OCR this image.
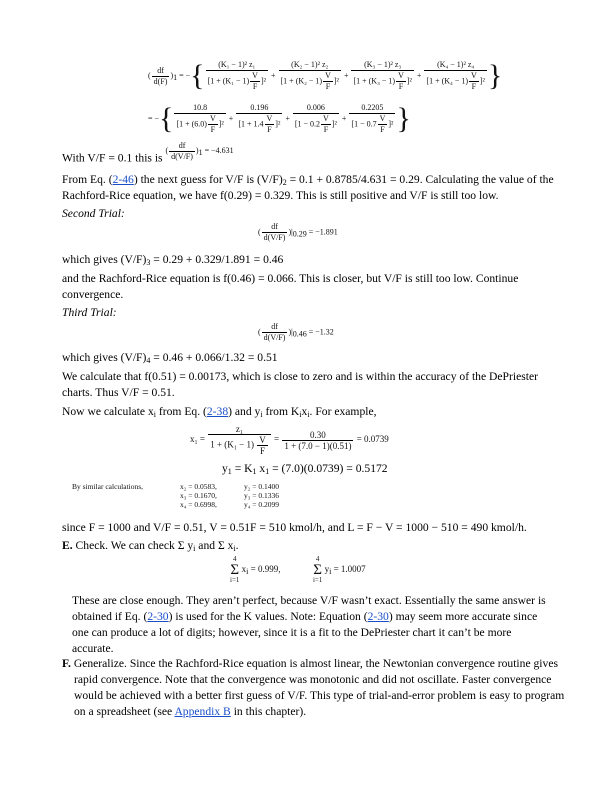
( $\frac{df}{d(F)} )_1$ = −{ $\frac{\text{(K₁ − 1)² z₁}}{[1 + (K_1 - 1) \frac{V}{F} ]^2} + \frac{\text{(K₂ − 1)² z₂}}{[1 + (K_2 - 1) \frac{V}{F} ]^2} + \frac{\text{(K₃ − 1)² z₃}}{[1 + (K_3 - 1) \frac{V}{F} ]^2} + \frac{\text{(K₄ − 1)² z₄}}{[1 + (K_4 - 1) \frac{V}{F} ]^2}$ }
= −{ $\frac{10.8}{[1 + (6.0) \frac{V}{F} ]^2} + \frac{0.196}{[1 + 1.4 \frac{V}{F} ]^2} + \frac{0.006}{[1 - 0.2 \frac{V}{F} ]^2} + \frac{0.2205}{[1 - 0.7 \frac{V}{F} ]^2}$ }
With V/F = 0.1 this is ( $\frac{df}{d(V/F)} )_1 = -4.631$
From Eq. (2-46) the next guess for V/F is $(V/F)_2 = 0.1 + 0.8785/4.631 = 0.29$. Calculating the value of the Rachford-Rice equation, we have f(0.29) = 0.329. This is still positive and V/F is still too low.
Second Trial:
( $\frac{df}{d(V/F)} )|_{0.29} = -1.891$
which gives $(V/F)_3 = 0.29 + 0.329/1.891 = 0.46$
and the Rachford-Rice equation is f(0.46) = 0.066. This is closer, but V/F is still too low. Continue convergence.
Third Trial:
( $\frac{df}{d(V/F)} )|_{0.46} = -1.32$
which gives $(V/F)_4 = 0.46 + 0.066/1.32 = 0.51$
We calculate that f(0.51) = 0.00173, which is close to zero and is within the accuracy of the DePriester charts. Thus V/F = 0.51.
Now we calculate $x_i$ from Eq. (2-38) and $y_i$ from $K_ix_i$. For example,
$x_1 = \frac{\text{z₁}}{1 + (K_1 - 1) \frac{V}{F}} = \frac{0.30}{1 + (7.0 - 1)(0.51)} = 0.0739$
$y_1 = K_1$ $x_1 = (7.0)(0.0739) = 0.5172$
By similar calculations,	x₂ = 0.0583,	y₂ = 0.1400
x₃ = 0.1670,	y₃ = 0.1336
x₄ = 0.6998,	y₄ = 0.2099
since F = 1000 and V/F = 0.51, V = 0.51F = 510 kmol/h, and L = F − V = 1000 − 510 = 490 kmol/h.
E. Check. We can check Σ $y_i$ and Σ $x_i$.
4
Σ
i=1 $x_i = 0.999$,  4
Σ
i=1 $y_i = 1.0007$
These are close enough. They aren’t perfect, because V/F wasn’t exact. Essentially the same answer is obtained if Eq. (2-30) is used for the K values. Note: Equation (2-30) may seem more accurate since one can produce a lot of digits; however, since it is a fit to the DePriester chart it can’t be more accurate.
F. Generalize. Since the Rachford-Rice equation is almost linear, the Newtonian convergence routine gives rapid convergence. Note that the convergence was monotonic and did not oscillate. Faster convergence would be achieved with a better first guess of V/F. This type of trial-and-error problem is easy to program on a spreadsheet (see Appendix B in this chapter).
